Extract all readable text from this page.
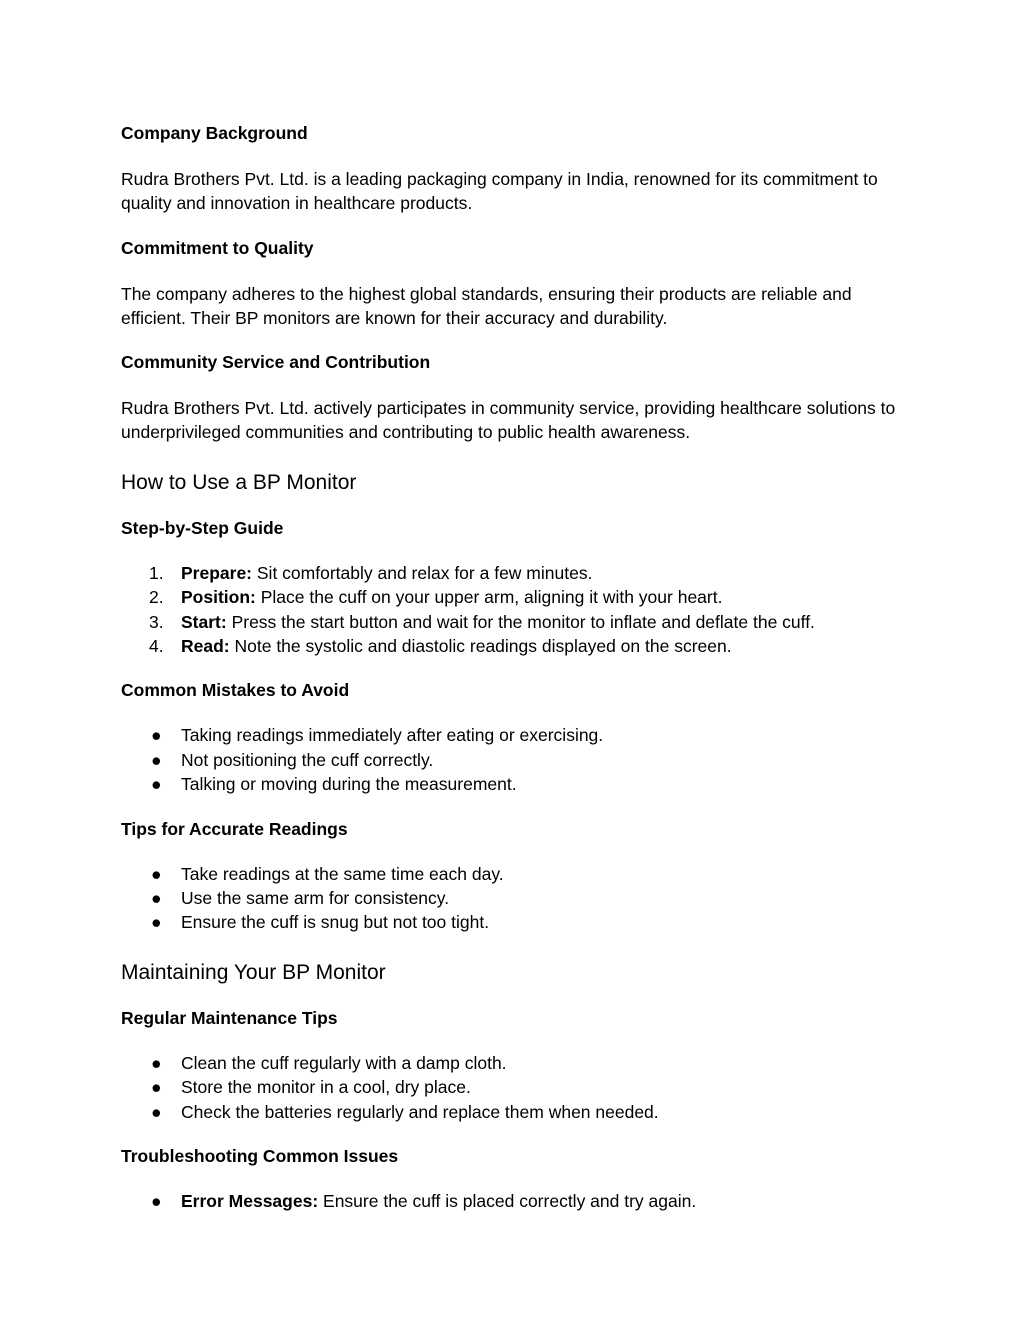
Company Background

Rudra Brothers Pvt. Ltd. is a leading packaging company in India, renowned for its commitment to quality and innovation in healthcare products.

Commitment to Quality

The company adheres to the highest global standards, ensuring their products are reliable and efficient. Their BP monitors are known for their accuracy and durability.

Community Service and Contribution

Rudra Brothers Pvt. Ltd. actively participates in community service, providing healthcare solutions to underprivileged communities and contributing to public health awareness.

How to Use a BP Monitor

Step-by-Step Guide

1. Prepare: Sit comfortably and relax for a few minutes.
2. Position: Place the cuff on your upper arm, aligning it with your heart.
3. Start: Press the start button and wait for the monitor to inflate and deflate the cuff.
4. Read: Note the systolic and diastolic readings displayed on the screen.

Common Mistakes to Avoid

●	Taking readings immediately after eating or exercising.
●	Not positioning the cuff correctly.
●	Talking or moving during the measurement.

Tips for Accurate Readings

●	Take readings at the same time each day.
●	Use the same arm for consistency.
●	Ensure the cuff is snug but not too tight.
Maintaining Your BP Monitor

Regular Maintenance Tips

●	Clean the cuff regularly with a damp cloth.
●	Store the monitor in a cool, dry place.
●	Check the batteries regularly and replace them when needed.

Troubleshooting Common Issues

●	Error Messages: Ensure the cuff is placed correctly and try again.
